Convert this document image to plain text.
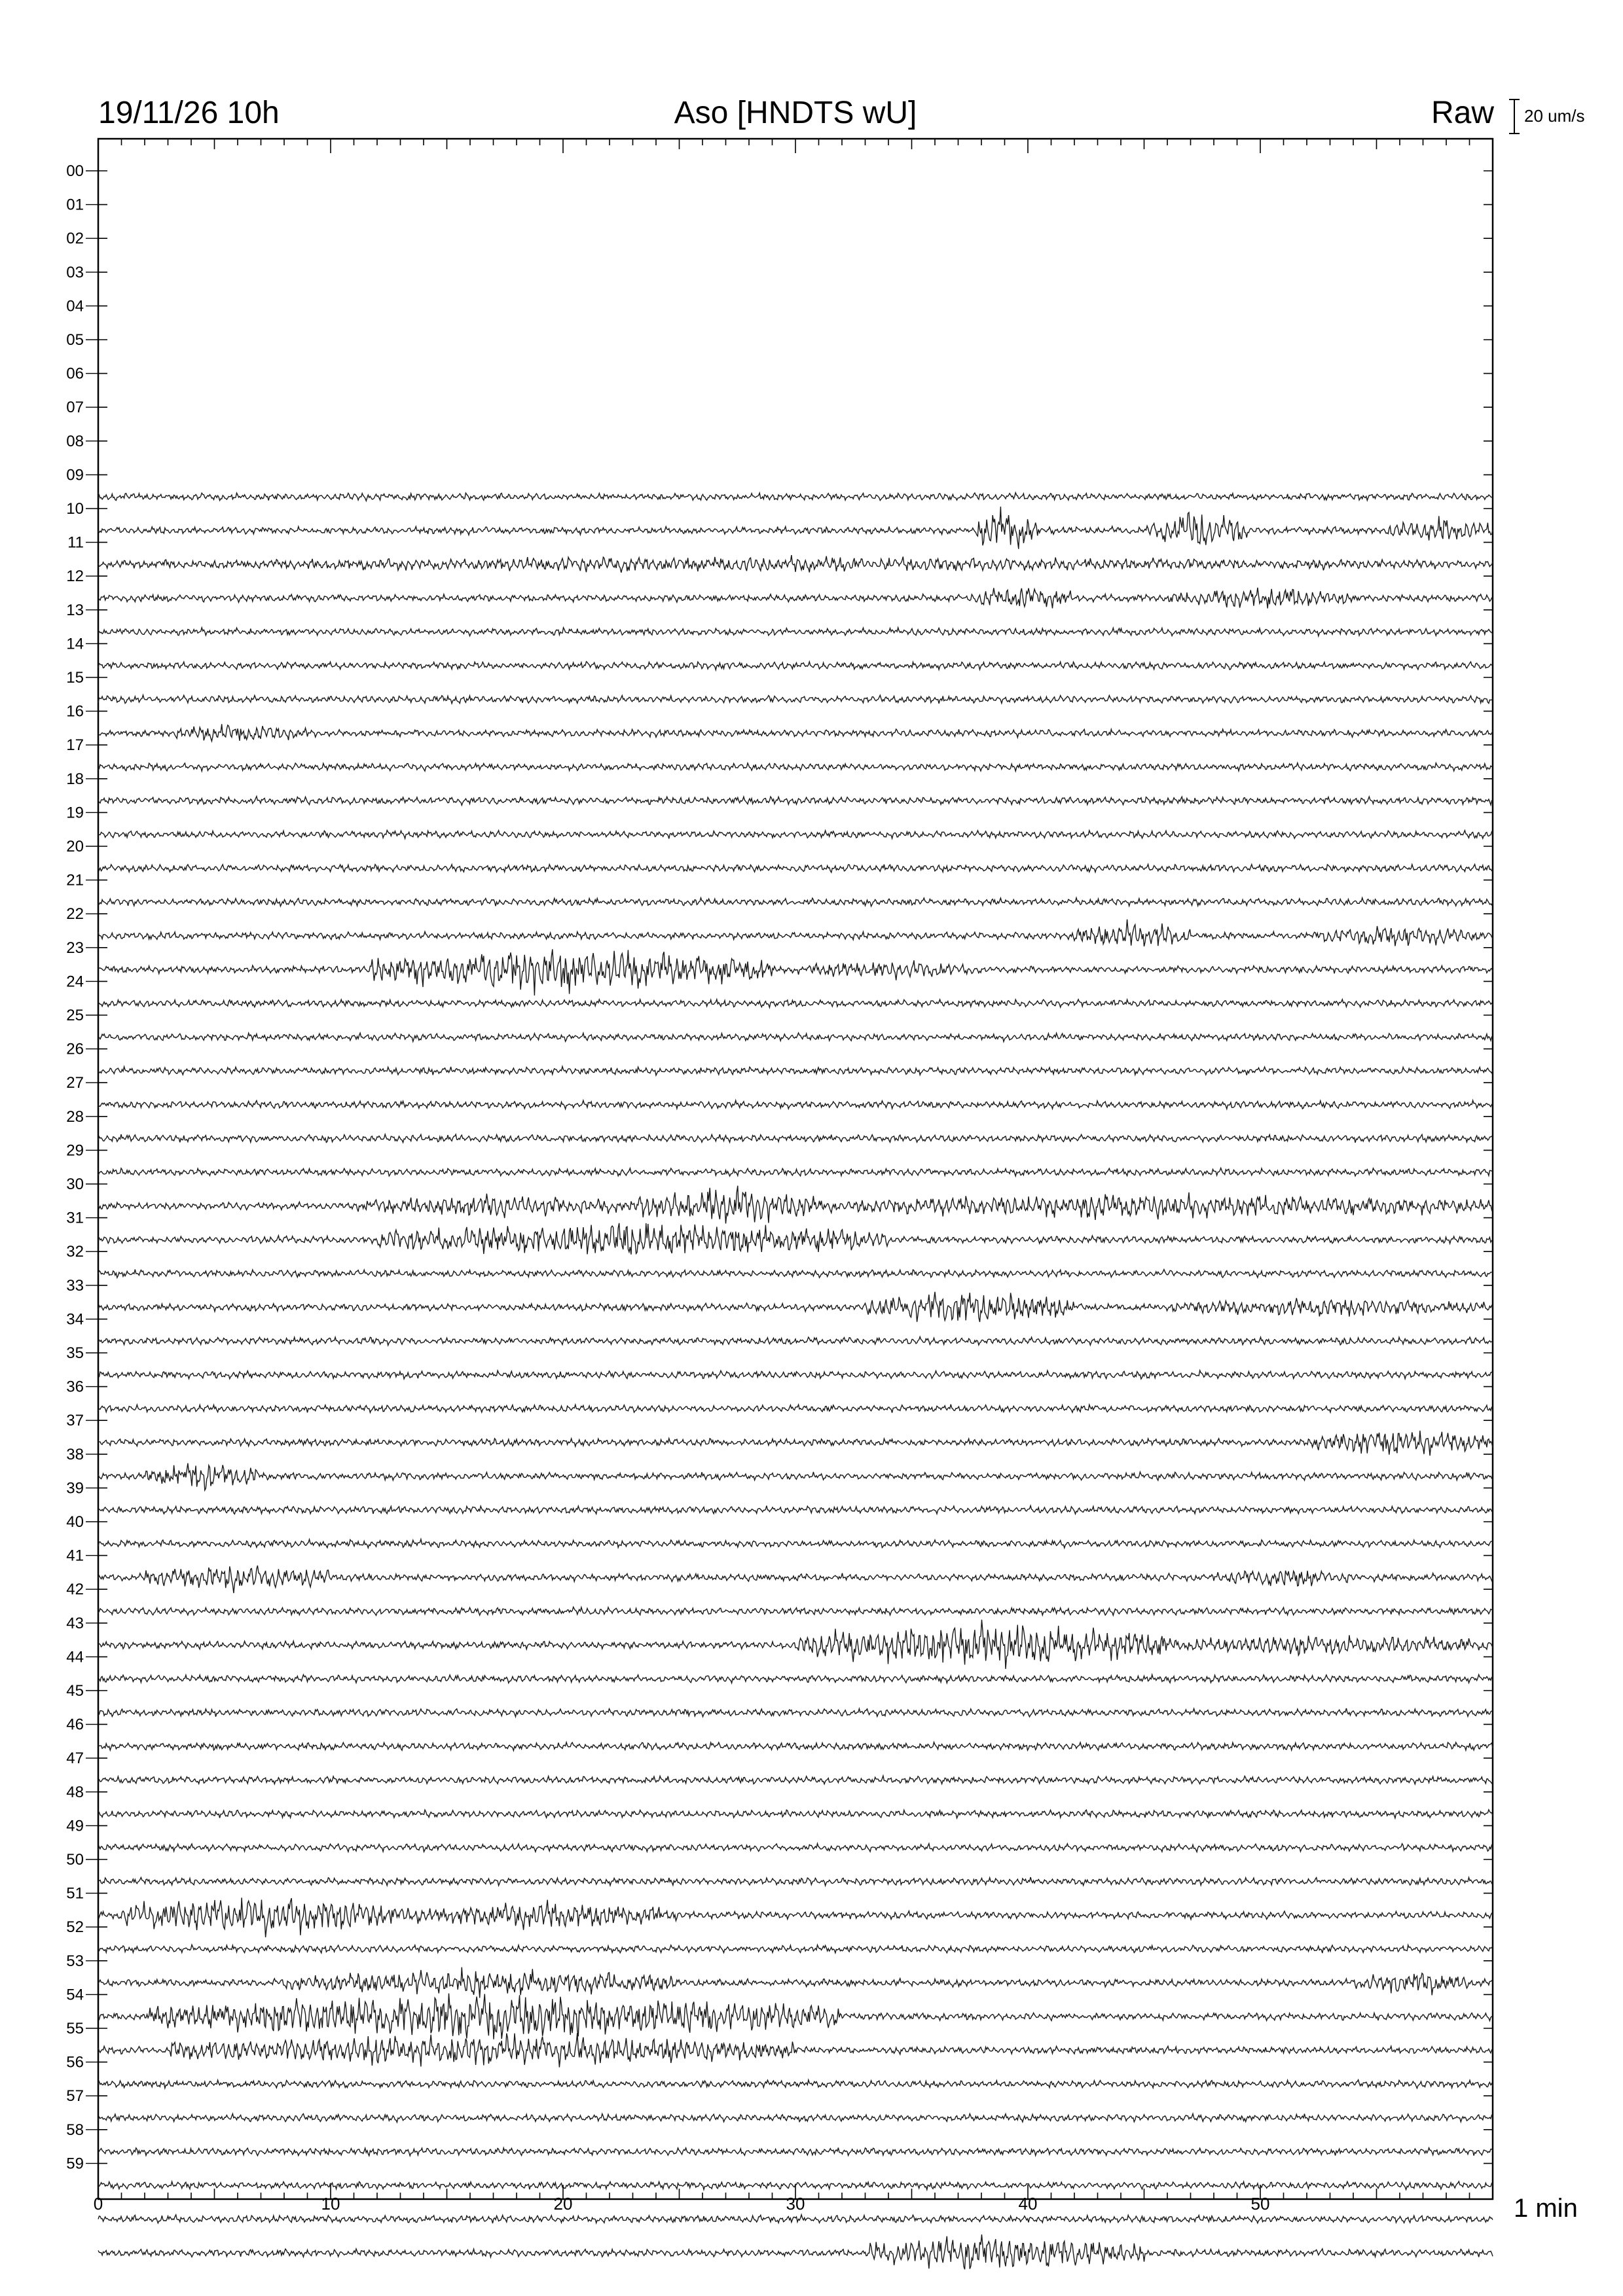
19/11/26 10h	Aso [HNDTS wU]	Raw 20 um/s
00
01
02
03
04
05
06
07
08
09
10
11
12
13
14
15
16
17
18
19
20
21
22
23
24
25
26
27
28
29
30
31
32
33
34
35
36
37
38
39
40
41
42
43
44
45
46
47
48
49
50
51
52
53
54
55
56
57
58
59
0	10	20	30	40	50	1 min
